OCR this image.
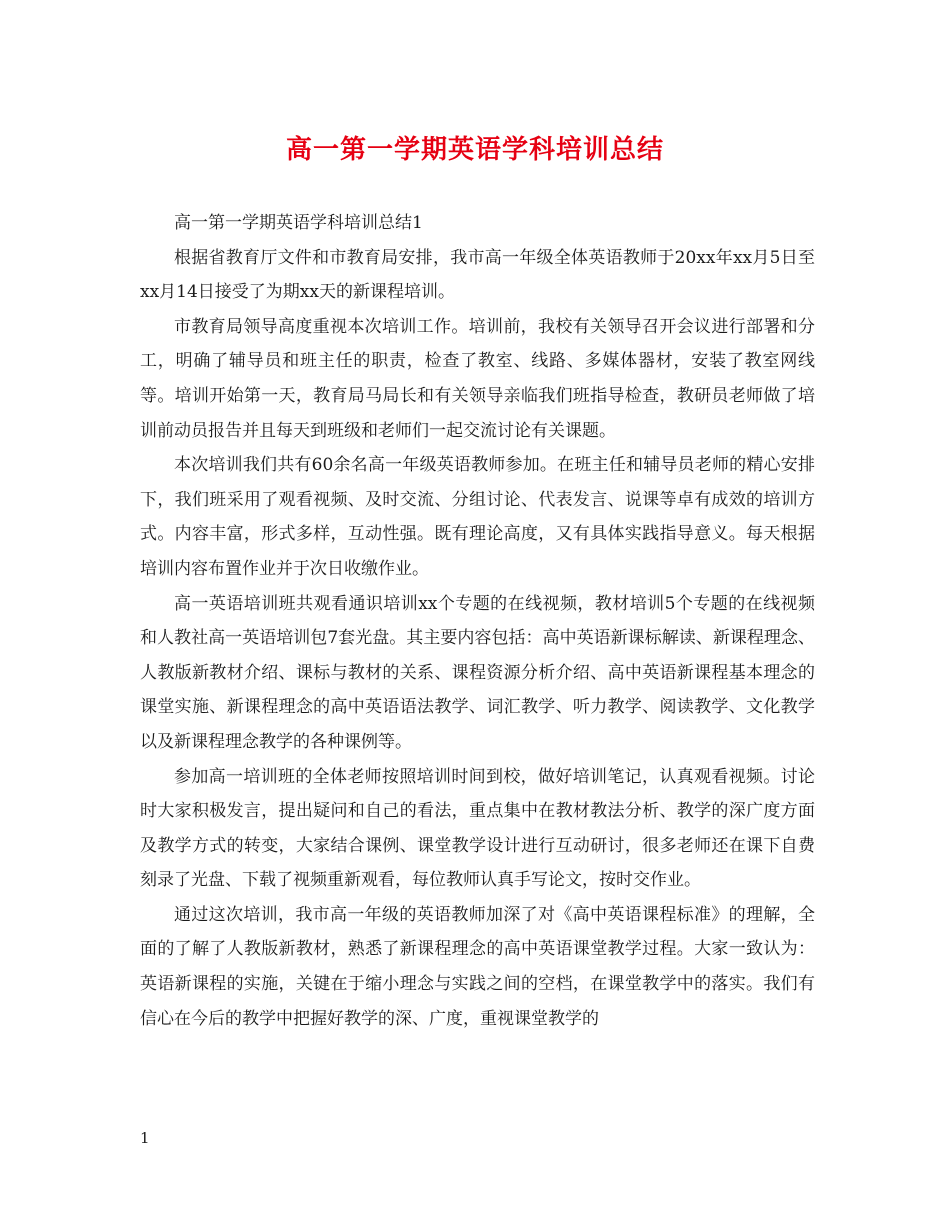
高一第一学期英语学科培训总结

高一第一学期英语学科培训总结1

根据省教育厅文件和市教育局安排，我市高一年级全体英语教师于20xx年xx月5日至xx月14日接受了为期xx天的新课程培训。

市教育局领导高度重视本次培训工作。培训前，我校有关领导召开会议进行部署和分工，明确了辅导员和班主任的职责，检查了教室、线路、多媒体器材，安装了教室网线等。培训开始第一天，教育局马局长和有关领导亲临我们班指导检查，教研员老师做了培训前动员报告并且每天到班级和老师们一起交流讨论有关课题。

本次培训我们共有60余名高一年级英语教师参加。在班主任和辅导员老师的精心安排下，我们班采用了观看视频、及时交流、分组讨论、代表发言、说课等卓有成效的培训方式。内容丰富，形式多样，互动性强。既有理论高度，又有具体实践指导意义。每天根据培训内容布置作业并于次日收缴作业。

高一英语培训班共观看通识培训xx个专题的在线视频，教材培训5个专题的在线视频和人教社高一英语培训包7套光盘。其主要内容包括：高中英语新课标解读、新课程理念、人教版新教材介绍、课标与教材的关系、课程资源分析介绍、高中英语新课程基本理念的课堂实施、新课程理念的高中英语语法教学、词汇教学、听力教学、阅读教学、文化教学以及新课程理念教学的各种课例等。

参加高一培训班的全体老师按照培训时间到校，做好培训笔记，认真观看视频。讨论时大家积极发言，提出疑问和自己的看法，重点集中在教材教法分析、教学的深广度方面及教学方式的转变，大家结合课例、课堂教学设计进行互动研讨，很多老师还在课下自费刻录了光盘、下载了视频重新观看，每位教师认真手写论文，按时交作业。

通过这次培训，我市高一年级的英语教师加深了对《高中英语课程标准》的理解，全面的了解了人教版新教材，熟悉了新课程理念的高中英语课堂教学过程。大家一致认为：英语新课程的实施，关键在于缩小理念与实践之间的空档，在课堂教学中的落实。我们有信心在今后的教学中把握好教学的深、广度，重视课堂教学的

1
